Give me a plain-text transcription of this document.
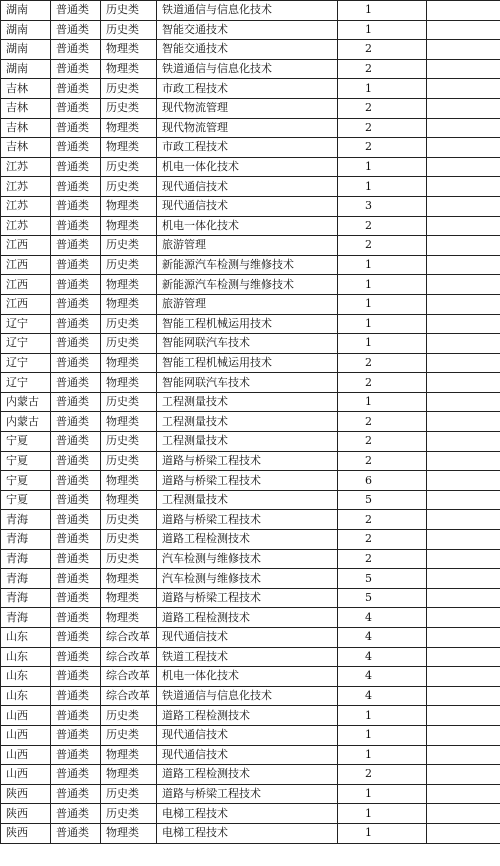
湖南	普通类	历史类	铁道通信与信息化技术	1	
湖南	普通类	历史类	智能交通技术	1	
湖南	普通类	物理类	智能交通技术	2	
湖南	普通类	物理类	铁道通信与信息化技术	2	
吉林	普通类	历史类	市政工程技术	1	
吉林	普通类	历史类	现代物流管理	2	
吉林	普通类	物理类	现代物流管理	2	
吉林	普通类	物理类	市政工程技术	2	
江苏	普通类	历史类	机电一体化技术	1	
江苏	普通类	历史类	现代通信技术	1	
江苏	普通类	物理类	现代通信技术	3	
江苏	普通类	物理类	机电一体化技术	2	
江西	普通类	历史类	旅游管理	2	
江西	普通类	历史类	新能源汽车检测与维修技术	1	
江西	普通类	物理类	新能源汽车检测与维修技术	1	
江西	普通类	物理类	旅游管理	1	
辽宁	普通类	历史类	智能工程机械运用技术	1	
辽宁	普通类	历史类	智能网联汽车技术	1	
辽宁	普通类	物理类	智能工程机械运用技术	2	
辽宁	普通类	物理类	智能网联汽车技术	2	
内蒙古	普通类	历史类	工程测量技术	1	
内蒙古	普通类	物理类	工程测量技术	2	
宁夏	普通类	历史类	工程测量技术	2	
宁夏	普通类	历史类	道路与桥梁工程技术	2	
宁夏	普通类	物理类	道路与桥梁工程技术	6	
宁夏	普通类	物理类	工程测量技术	5	
青海	普通类	历史类	道路与桥梁工程技术	2	
青海	普通类	历史类	道路工程检测技术	2	
青海	普通类	历史类	汽车检测与维修技术	2	
青海	普通类	物理类	汽车检测与维修技术	5	
青海	普通类	物理类	道路与桥梁工程技术	5	
青海	普通类	物理类	道路工程检测技术	4	
山东	普通类	综合改革	现代通信技术	4	
山东	普通类	综合改革	铁道工程技术	4	
山东	普通类	综合改革	机电一体化技术	4	
山东	普通类	综合改革	铁道通信与信息化技术	4	
山西	普通类	历史类	道路工程检测技术	1	
山西	普通类	历史类	现代通信技术	1	
山西	普通类	物理类	现代通信技术	1	
山西	普通类	物理类	道路工程检测技术	2	
陕西	普通类	历史类	道路与桥梁工程技术	1	
陕西	普通类	历史类	电梯工程技术	1	
陕西	普通类	物理类	电梯工程技术	1	
